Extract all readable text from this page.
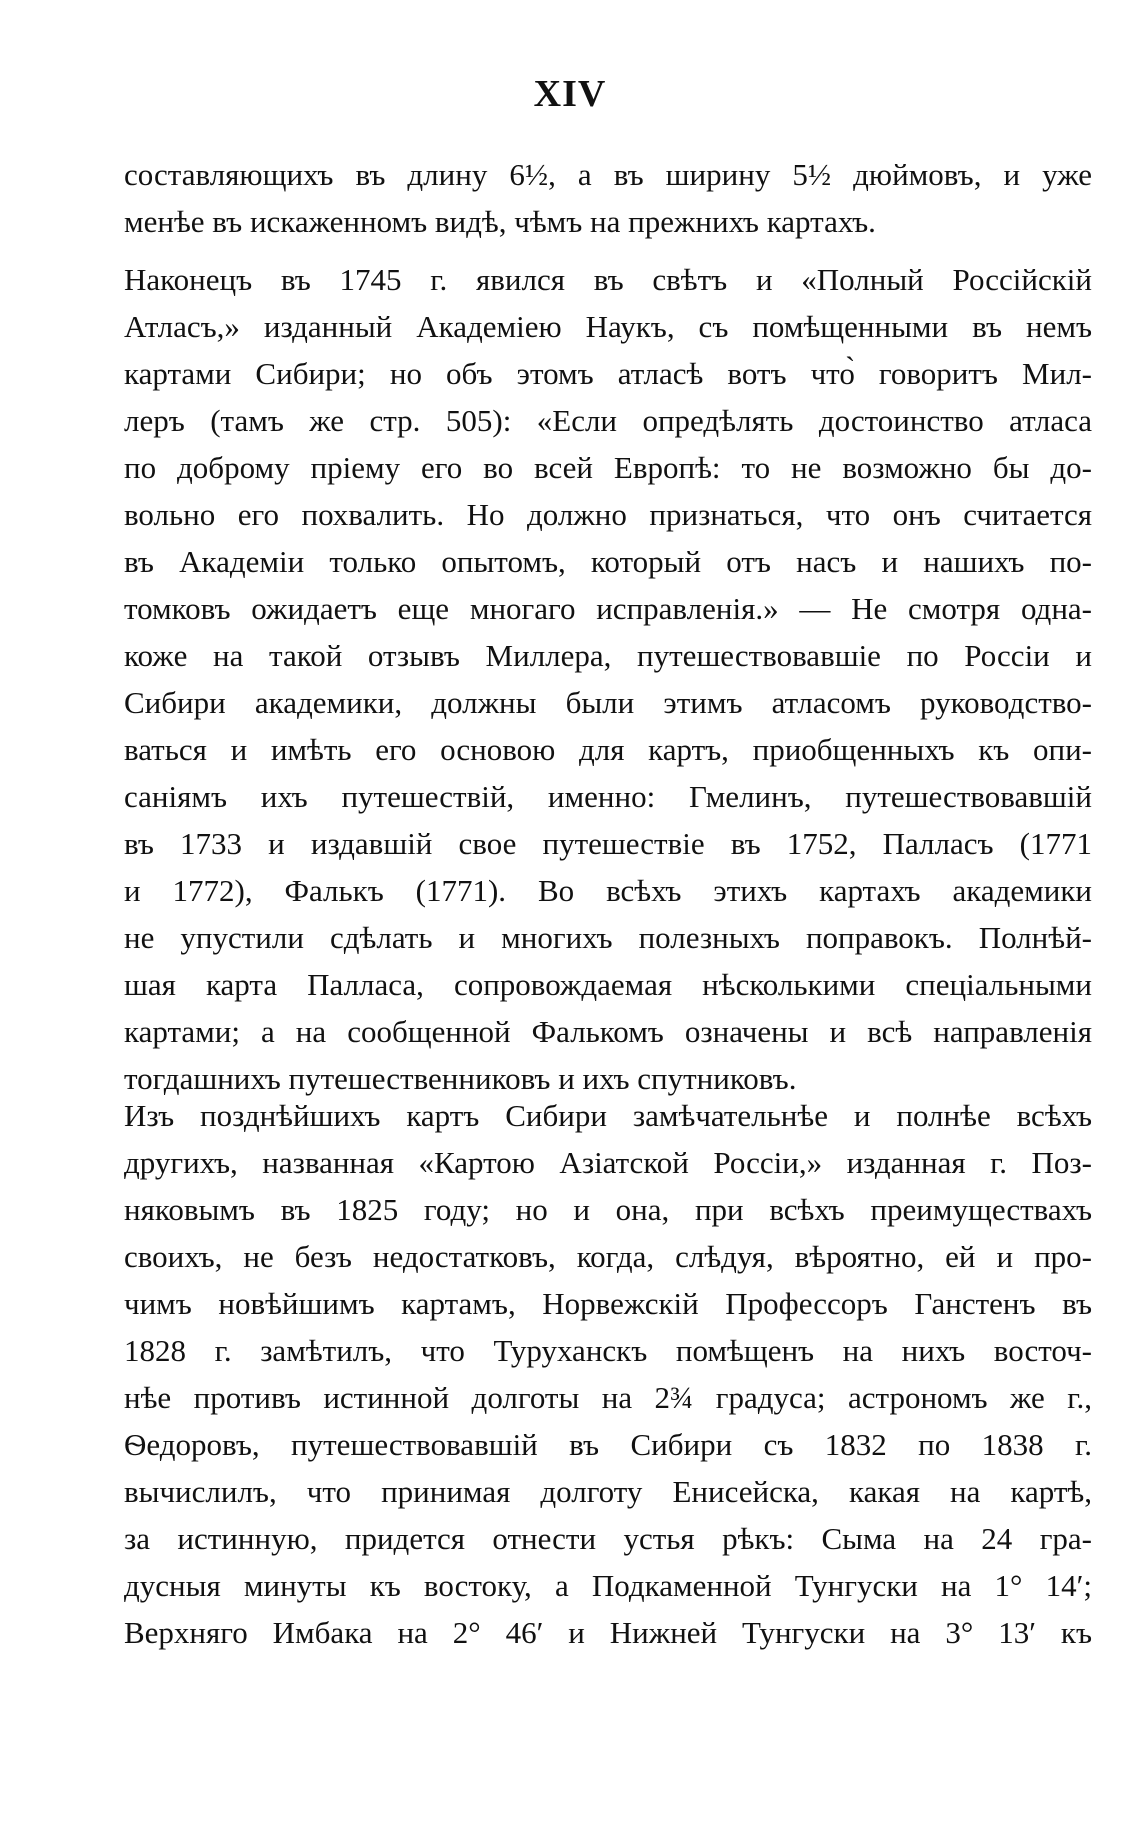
XIV
составляющихъ въ длину 6½, а въ ширину 5½ дюймовъ, и уже
менѣе въ искаженномъ видѣ, чѣмъ на прежнихъ картахъ.
Наконецъ въ 1745 г. явился въ свѣтъ и «Полный Россійскій
Атласъ,» изданный Академіею Наукъ, съ помѣщенными въ немъ
картами Сибири; но объ этомъ атласѣ вотъ что̀ говоритъ Мил-
леръ (тамъ же стр. 505): «Если опредѣлять достоинство атласа
по доброму пріему его во всей Европѣ: то не возможно бы до-
вольно его похвалить. Но должно признаться, что онъ считается
въ Академіи только опытомъ, который отъ насъ и нашихъ по-
томковъ ожидаетъ еще многаго исправленія.» — Не смотря одна-
кожe на такой отзывъ Миллера, путешествовавшіе по Россіи и
Сибири академики, должны были этимъ атласомъ руководство-
ваться и имѣть его основою для картъ, приобщенныхъ къ опи-
саніямъ ихъ путешествій, именно: Гмелинъ, путешествовавшій
въ 1733 и издавшій свое путешествіе въ 1752, Палласъ (1771
и 1772), Фалькъ (1771). Во всѣхъ этихъ картахъ академики
не упустили сдѣлать и многихъ полезныхъ поправокъ. Полнѣй-
шая карта Палласа, сопровождаемая нѣсколькими спеціальными
картами; а на сообщенной Фалькомъ означены и всѣ направленія
тогдашнихъ путешественниковъ и ихъ спутниковъ.
Изъ позднѣйшихъ картъ Сибири замѣчательнѣе и полнѣе всѣхъ
другихъ, названная «Картою Азіатской Россіи,» изданная г. Поз-
няковымъ въ 1825 году; но и она, при всѣхъ преимуществахъ
своихъ, не безъ недостатковъ, когда, слѣдуя, вѣроятно, ей и про-
чимъ новѣйшимъ картамъ, Норвежскій Профессоръ Ганстенъ въ
1828 г. замѣтилъ, что Туруханскъ помѣщенъ на нихъ восточ-
нѣе противъ истинной долготы на 2¾ градуса; астрономъ же г.,
Ѳедоровъ, путешествовавшій въ Сибири съ 1832 по 1838 г.
вычислилъ, что принимая долготу Енисейска, какая на картѣ,
за истинную, придется отнести устья рѣкъ: Сыма на 24 гра-
дусныя минуты къ востоку, а Подкаменной Тунгуски на 1° 14′;
Верхняго Имбака на 2° 46′ и Нижней Тунгуски на 3° 13′ къ
